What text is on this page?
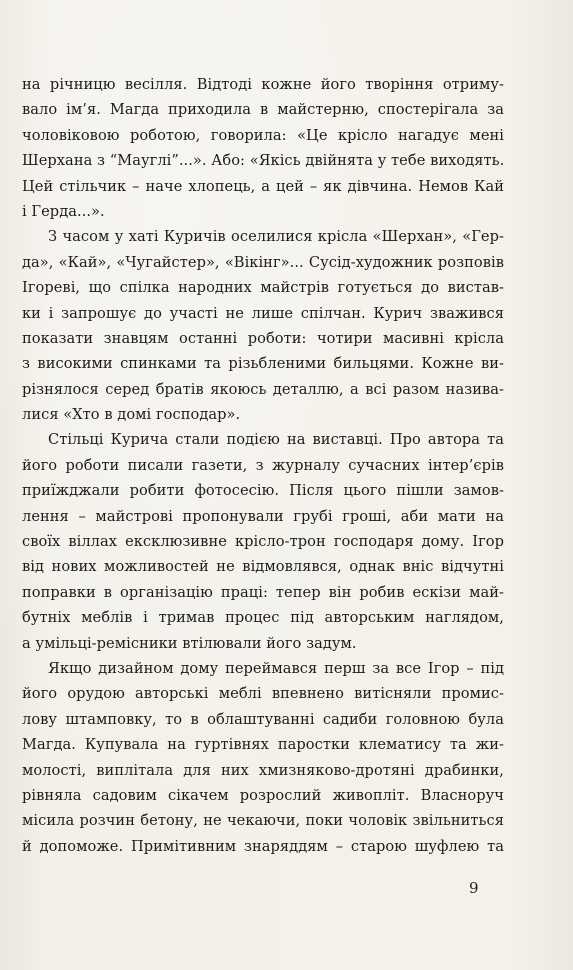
на річницю весілля. Відтоді кожне його творіння отриму-
вало ім’я. Магда приходила в майстерню, спостерігала за
чоловіковою роботою, говорила: «Це крісло нагадує мені
Шерхана з “Мауглі”...». Або: «Якісь двійнята у тебе виходять.
Цей стільчик – наче хлопець, а цей – як дівчина. Немов Кай
і Герда...».
З часом у хаті Куричів оселилися крісла «Шерхан», «Гер-
да», «Кай», «Чугайстер», «Вікінг»... Сусід-художник розповів
Ігореві, що спілка народних майстрів готується до вистав-
ки і запрошує до участі не лише спілчан. Курич зважився
показати знавцям останні роботи: чотири масивні крісла
з високими спинками та різьбленими бильцями. Кожне ви-
різнялося серед братів якоюсь деталлю, а всі разом назива-
лися «Хто в домі господар».
Стільці Курича стали подією на виставці. Про автора та
його роботи писали газети, з журналу сучасних інтер’єрів
приїжджали робити фотосесію. Після цього пішли замов-
лення – майстрові пропонували грубі гроші, аби мати на
своїх віллах ексклюзивне крісло-трон господаря дому. Ігор
від нових можливостей не відмовлявся, однак вніс відчутні
поправки в організацію праці: тепер він робив ескізи май-
бутніх меблів і тримав процес під авторським наглядом,
а умільці-ремісники втілювали його задум.
Якщо дизайном дому переймався перш за все Ігор – під
його орудою авторські меблі впевнено витісняли промис-
лову штамповку, то в облаштуванні садиби головною була
Магда. Купувала на гуртівнях паростки клематису та жи-
молості, виплітала для них хмизняково-дротяні драбинки,
рівняла садовим сікачем розрослий живопліт. Власноруч
місила розчин бетону, не чекаючи, поки чоловік звільниться
й допоможе. Примітивним знаряддям – старою шуфлею та
9
